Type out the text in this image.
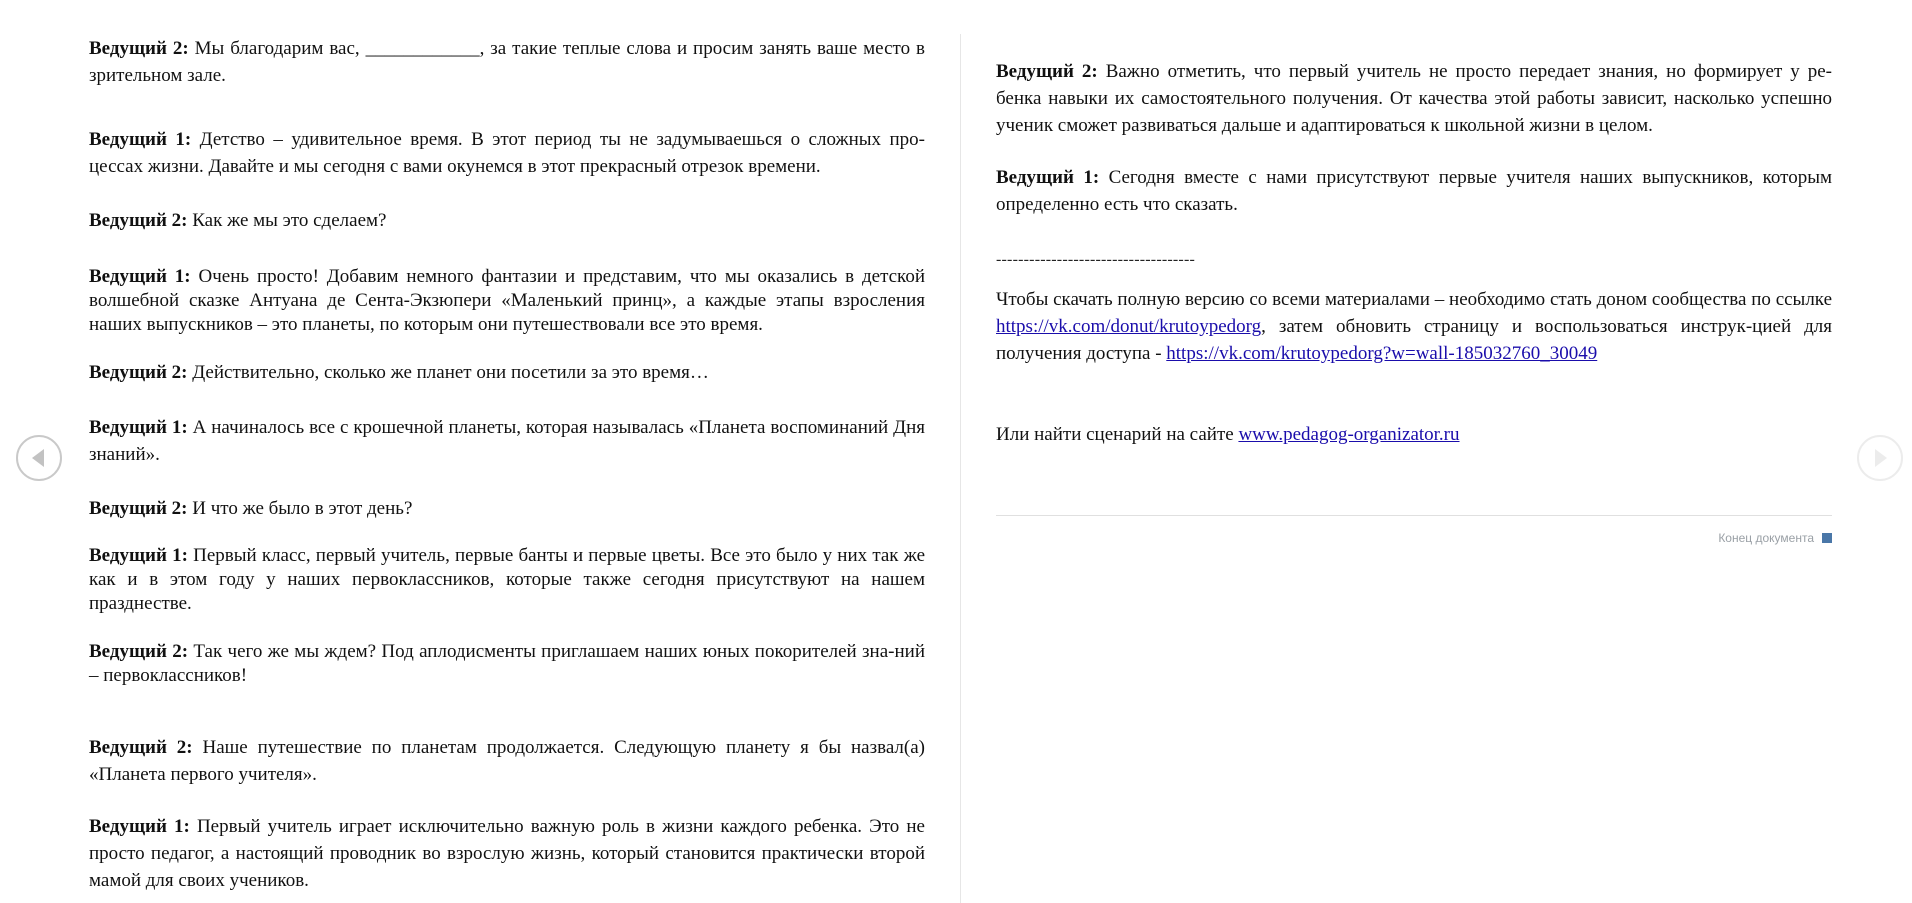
Ведущий 2: Мы благодарим вас, ____________, за такие теплые слова и просим занять ваше место в зрительном зале.

Ведущий 1: Детство – удивительное время. В этот период ты не задумываешься о сложных про-цессах жизни. Давайте и мы сегодня с вами окунемся в этот прекрасный отрезок времени.

Ведущий 2: Как же мы это сделаем?

Ведущий 1: Очень просто! Добавим немного фантазии и представим, что мы оказались в детской волшебной сказке Антуана де Сента-Экзюпери «Маленький принц», а каждые этапы взросления наших выпускников – это планеты, по которым они путешествовали все это время.

Ведущий 2: Действительно, сколько же планет они посетили за это время…

Ведущий 1: А начиналось все с крошечной планеты, которая называлась «Планета воспоминаний Дня знаний».

Ведущий 2: И что же было в этот день?

Ведущий 1: Первый класс, первый учитель, первые банты и первые цветы. Все это было у них так же как и в этом году у наших первоклассников, которые также сегодня присутствуют на нашем празднестве.

Ведущий 2: Так чего же мы ждем? Под аплодисменты приглашаем наших юных покорителей зна-ний – первоклассников!

Ведущий 2: Наше путешествие по планетам продолжается. Следующую планету я бы назвал(а) «Планета первого учителя».

Ведущий 1: Первый учитель играет исключительно важную роль в жизни каждого ребенка. Это не просто педагог, а настоящий проводник во взрослую жизнь, который становится практически второй мамой для своих учеников.

Ведущий 2: Важно отметить, что первый учитель не просто передает знания, но формирует у ре-бенка навыки их самостоятельного получения. От качества этой работы зависит, насколько успешно ученик сможет развиваться дальше и адаптироваться к школьной жизни в целом.

Ведущий 1: Сегодня вместе с нами присутствуют первые учителя наших выпускников, которым определенно есть что сказать.

------------------------------------

Чтобы скачать полную версию со всеми материалами – необходимо стать доном сообщества по ссылке https://vk.com/donut/krutoypedorg, затем обновить страницу и воспользоваться инструк-цией для получения доступа - https://vk.com/krutoypedorg?w=wall-185032760_30049

Или найти сценарий на сайте www.pedagog-organizator.ru

Конец документа
